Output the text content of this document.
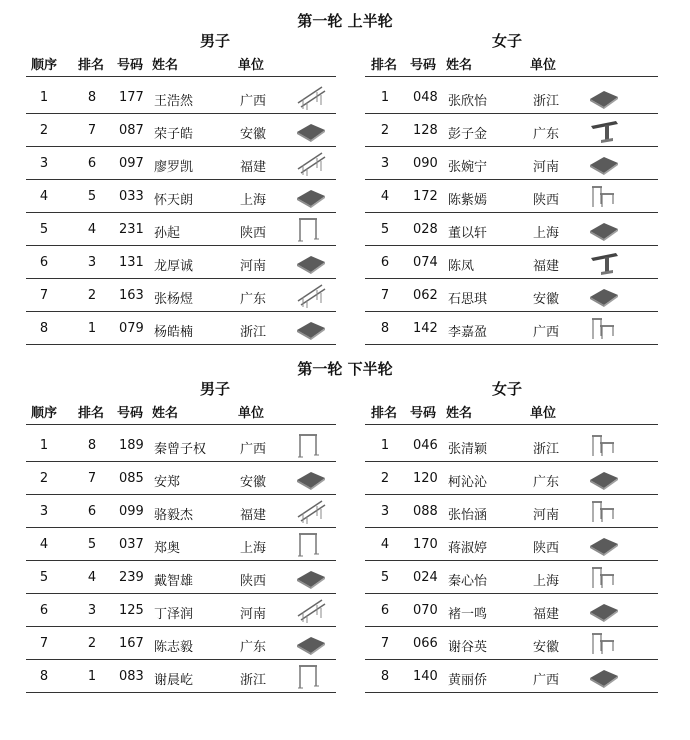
第一轮 上半轮
男子	女子
顺序 排名 号码 姓名	单位	排名 号码 姓名	单位
1	8	177 王浩然	广西
2	7	087 荣子皓	安徽
3	6	097 廖罗凯	福建
4	5	033 怀天朗	上海
5	4	231 孙起	陕西
6	3	131 龙厚诚	河南
7	2	163 张杨煜	广东
8	1	079 杨皓楠	浙江
1	048 张欣怡	浙江
2	128 彭子金	广东
3	090 张婉宁	河南
4	172 陈紫嫣	陕西
5	028 董以轩	上海
6	074 陈凤	福建
7	062 石思琪	安徽
8	142 李嘉盈	广西
第一轮 下半轮
男子	女子
顺序 排名 号码 姓名	单位	排名 号码 姓名	单位
1	8	189 秦曾子权	广西
2	7	085 安郑	安徽
3	6	099 骆毅杰	福建
4	5	037 郑奥	上海
5	4	239 戴智雄	陕西
6	3	125 丁泽润	河南
7	2	167 陈志毅	广东
8	1	083 谢晨屹	浙江
1	046 张清颖	浙江
2	120 柯沁沁	广东
3	088 张怡涵	河南
4	170 蒋淑婷	陕西
5	024 秦心怡	上海
6	070 褚一鸣	福建
7	066 谢谷英	安徽
8	140 黄丽侨	广西
